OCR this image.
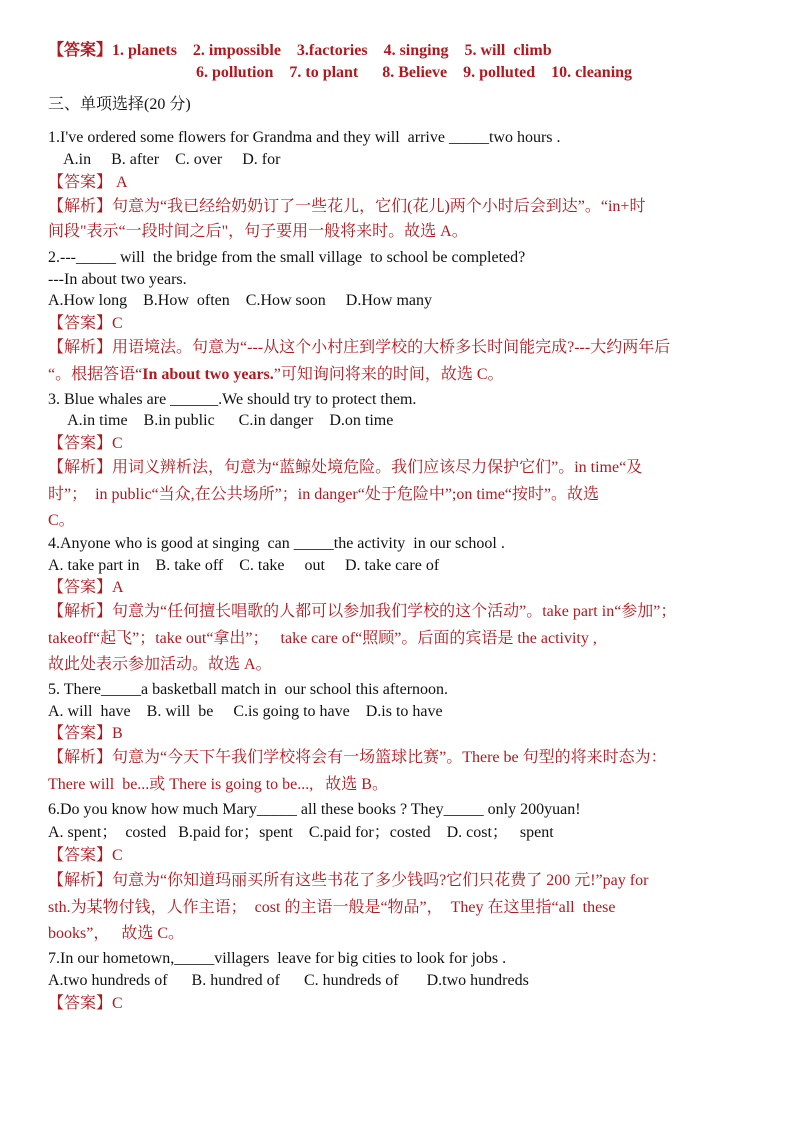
【答案】1. planets    2. impossible    3.factories    4. singing    5. will  climb
6. pollution    7. to plant      8. Believe    9. polluted    10. cleaning
三、单项选择(20 分)
1.I've ordered some flowers for Grandma and they will  arrive _____two hours .
A.in     B. after    C. over     D. for
【答案】 A
【解析】句意为“我已经给奶奶订了一些花儿，它们(花儿)两个小时后会到达”。“in+时
间段"表示“一段时间之后"，句子要用一般将来时。故选 A。
2.---_____ will  the bridge from the small village  to school be completed?
---In about two years.
A.How long    B.How  often    C.How soon     D.How many
【答案】C
【解析】用语境法。句意为“---从这个小村庄到学校的大桥多长时间能完成?---大约两年后
“。根据答语“In about two years.”可知询问将来的时间，故选 C。
3. Blue whales are ______.We should try to protect them.
A.in time    B.in public      C.in danger    D.on time
【答案】C
【解析】用词义辨析法，句意为“蓝鲸处境危险。我们应该尽力保护它们”。in time“及
时”；  in public“当众,在公共场所”；in danger“处于危险中”;on time“按时”。故选
C。
4.Anyone who is good at singing  can _____the activity  in our school .
A. take part in    B. take off    C. take     out     D. take care of
【答案】A
【解析】句意为“任何擅长唱歌的人都可以参加我们学校的这个活动”。take part in“参加”；
takeoff“起飞”；take out“拿出”；   take care of“照顾”。后面的宾语是 the activity ,
故此处表示参加活动。故选 A。
5. There_____a basketball match in  our school this afternoon.
A. will  have    B. will  be     C.is going to have    D.is to have
【答案】B
【解析】句意为“今天下午我们学校将会有一场篮球比赛”。There be 句型的将来时态为：
There will  be...或 There is going to be...,   故选 B。
6.Do you know how much Mary_____ all these books ? They_____ only 200yuan!
A. spent；  costed   B.paid for；spent    C.paid for；costed    D. cost；   spent
【答案】C
【解析】句意为“你知道玛丽买所有这些书花了多少钱吗?它们只花费了 200 元!”pay for
sth.为某物付钱，人作主语；  cost 的主语一般是“物品”，  They 在这里指“all  these
books”，   故选 C。
7.In our hometown,_____villagers  leave for big cities to look for jobs .
A.two hundreds of      B. hundred of      C. hundreds of       D.two hundreds
【答案】C
